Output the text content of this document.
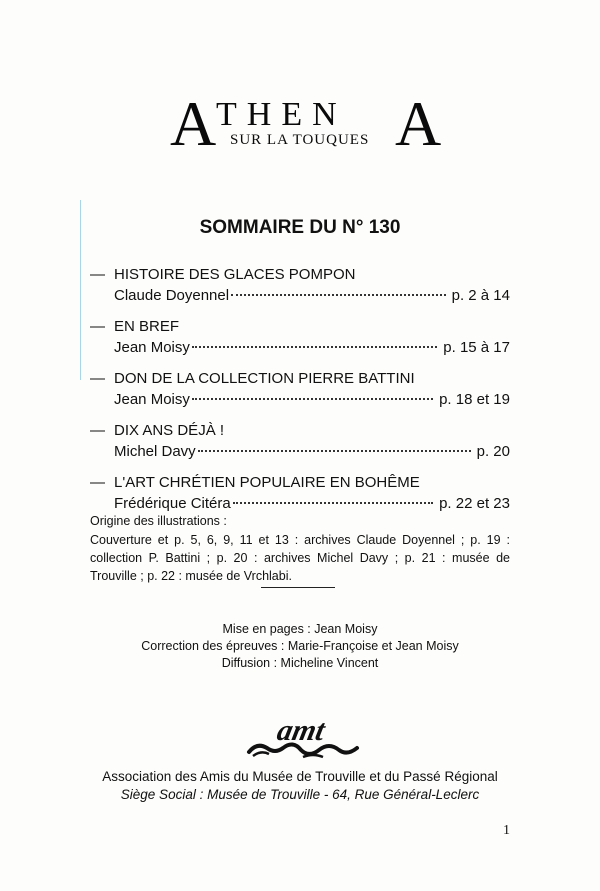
A THEN
SUR LA TOUQUES A
SOMMAIRE DU N° 130
— HISTOIRE DES GLACES POMPON
Claude Doyennel	p. 2 à 14
— EN BREF
Jean Moisy	p. 15 à 17
— DON DE LA COLLECTION PIERRE BATTINI
Jean Moisy	p. 18 et 19
— DIX ANS DÉJÀ !
Michel Davy	p. 20
— L'ART CHRÉTIEN POPULAIRE EN BOHÊME
Frédérique Citéra	p. 22 et 23
Origine des illustrations :
Couverture et p. 5, 6, 9, 11 et 13 : archives Claude Doyennel ; p. 19 : collection P. Battini ; p. 20 : archives Michel Davy ; p. 21 : musée de Trouville ; p. 22 : musée de Vrchlabi.
Mise en pages : Jean Moisy
Correction des épreuves : Marie-Françoise et Jean Moisy
Diffusion : Micheline Vincent
amt
Association des Amis du Musée de Trouville et du Passé Régional
Siège Social : Musée de Trouville - 64, Rue Général-Leclerc
1
